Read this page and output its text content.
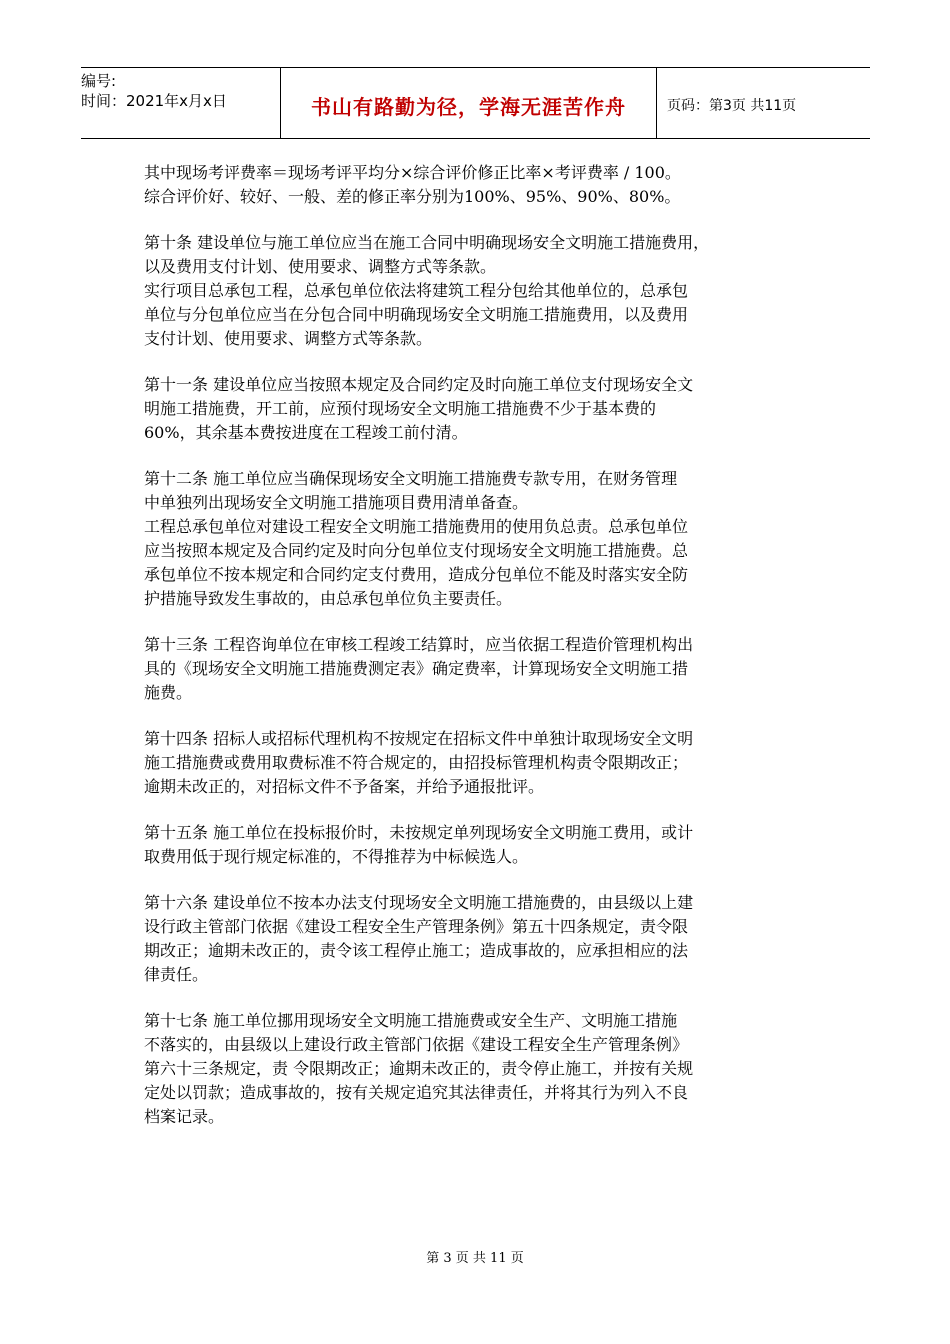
编号:
时间：2021年x月x日	书山有路勤为径，学海无涯苦作舟	页码：第3页 共11页

其中现场考评费率＝现场考评平均分×综合评价修正比率×考评费率 / 100。

综合评价好、较好、一般、差的修正率分别为100%、95%、90%、80%。

第十条 建设单位与施工单位应当在施工合同中明确现场安全文明施工措施费用，

以及费用支付计划、使用要求、调整方式等条款。

实行项目总承包工程，总承包单位依法将建筑工程分包给其他单位的，总承包

单位与分包单位应当在分包合同中明确现场安全文明施工措施费用，以及费用

支付计划、使用要求、调整方式等条款。

第十一条 建设单位应当按照本规定及合同约定及时向施工单位支付现场安全文

明施工措施费，开工前，应预付现场安全文明施工措施费不少于基本费的

60%，其余基本费按进度在工程竣工前付清。

第十二条 施工单位应当确保现场安全文明施工措施费专款专用，在财务管理

中单独列出现场安全文明施工措施项目费用清单备查。

工程总承包单位对建设工程安全文明施工措施费用的使用负总责。总承包单位

应当按照本规定及合同约定及时向分包单位支付现场安全文明施工措施费。总

承包单位不按本规定和合同约定支付费用，造成分包单位不能及时落实安全防

护措施导致发生事故的，由总承包单位负主要责任。

第十三条 工程咨询单位在审核工程竣工结算时，应当依据工程造价管理机构出

具的《现场安全文明施工措施费测定表》确定费率，计算现场安全文明施工措

施费。

第十四条 招标人或招标代理机构不按规定在招标文件中单独计取现场安全文明

施工措施费或费用取费标准不符合规定的，由招投标管理机构责令限期改正；

逾期未改正的，对招标文件不予备案，并给予通报批评。

第十五条 施工单位在投标报价时，未按规定单列现场安全文明施工费用，或计

取费用低于现行规定标准的，不得推荐为中标候选人。

第十六条 建设单位不按本办法支付现场安全文明施工措施费的，由县级以上建

设行政主管部门依据《建设工程安全生产管理条例》第五十四条规定，责令限

期改正；逾期未改正的，责令该工程停止施工；造成事故的，应承担相应的法

律责任。

第十七条 施工单位挪用现场安全文明施工措施费或安全生产、文明施工措施

不落实的，由县级以上建设行政主管部门依据《建设工程安全生产管理条例》

第六十三条规定，责 令限期改正；逾期未改正的，责令停止施工，并按有关规

定处以罚款；造成事故的，按有关规定追究其法律责任，并将其行为列入不良

档案记录。

第 3 页 共 11 页
